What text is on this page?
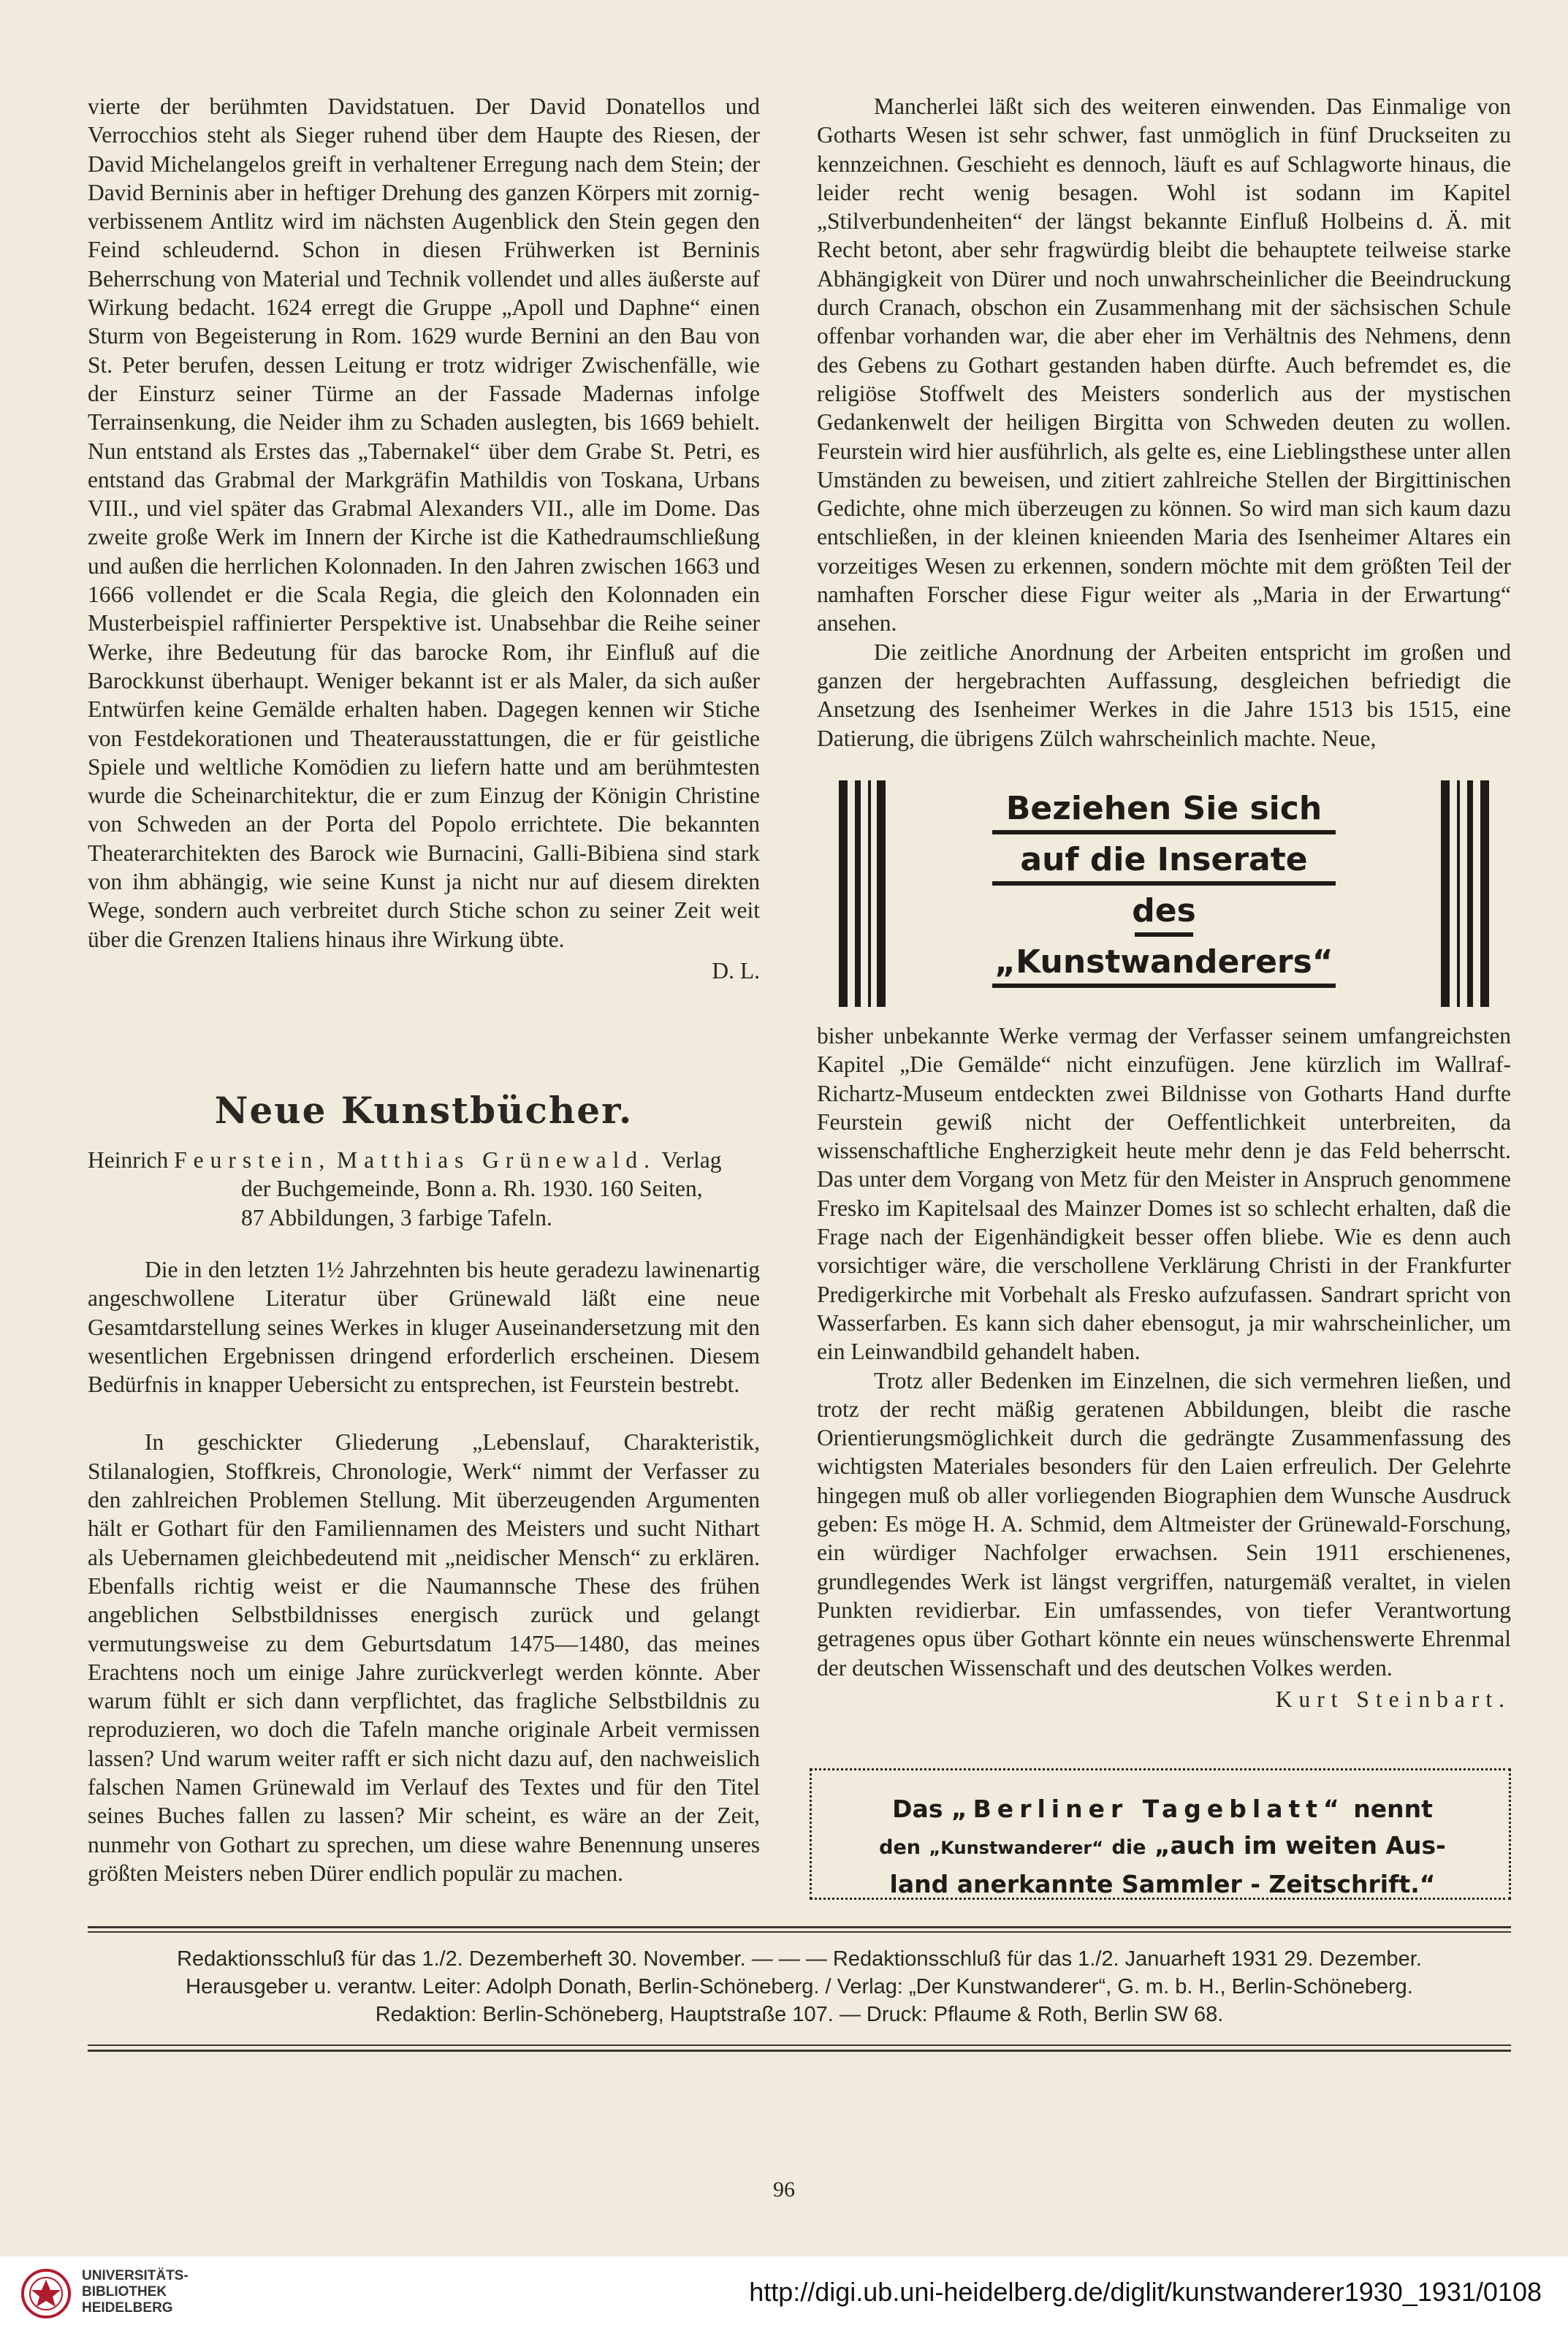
vierte der berühmten Davidstatuen. Der David Donatellos und Verrocchios steht als Sieger ruhend über dem Haupte des Riesen, der David Michelangelos greift in verhaltener Erregung nach dem Stein; der David Berninis aber in heftiger Drehung des ganzen Körpers mit zornig-verbissenem Antlitz wird im nächsten Augenblick den Stein gegen den Feind schleudernd. Schon in diesen Frühwerken ist Berninis Beherrschung von Material und Technik vollendet und alles äußerste auf Wirkung bedacht. 1624 erregt die Gruppe „Apoll und Daphne“ einen Sturm von Begeisterung in Rom. 1629 wurde Bernini an den Bau von St. Peter berufen, dessen Leitung er trotz widriger Zwischenfälle, wie der Einsturz seiner Türme an der Fassade Madernas infolge Terrainsenkung, die Neider ihm zu Schaden auslegten, bis 1669 behielt. Nun entstand als Erstes das „Tabernakel“ über dem Grabe St. Petri, es entstand das Grabmal der Markgräfin Mathildis von Toskana, Urbans VIII., und viel später das Grabmal Alexanders VII., alle im Dome. Das zweite große Werk im Innern der Kirche ist die Kathedraumschließung und außen die herrlichen Kolonnaden. In den Jahren zwischen 1663 und 1666 vollendet er die Scala Regia, die gleich den Kolonnaden ein Musterbeispiel raffinierter Perspektive ist. Unabsehbar die Reihe seiner Werke, ihre Bedeutung für das barocke Rom, ihr Einfluß auf die Barockkunst überhaupt. Weniger bekannt ist er als Maler, da sich außer Entwürfen keine Gemälde erhalten haben. Dagegen kennen wir Stiche von Festdekorationen und Theaterausstattungen, die er für geistliche Spiele und weltliche Komödien zu liefern hatte und am berühmtesten wurde die Scheinarchitektur, die er zum Einzug der Königin Christine von Schweden an der Porta del Popolo errichtete. Die bekannten Theaterarchitekten des Barock wie Burnacini, Galli-Bibiena sind stark von ihm abhängig, wie seine Kunst ja nicht nur auf diesem direkten Wege, sondern auch verbreitet durch Stiche schon zu seiner Zeit weit über die Grenzen Italiens hinaus ihre Wirkung übte.

D. L.

Neue Kunstbücher.
Heinrich Feurstein, Matthias Grünewald. Verlag
der Buchgemeinde, Bonn a. Rh. 1930. 160 Seiten,
87 Abbildungen, 3 farbige Tafeln.

Die in den letzten 1½ Jahrzehnten bis heute geradezu lawinenartig angeschwollene Literatur über Grünewald läßt eine neue Gesamtdarstellung seines Werkes in kluger Auseinandersetzung mit den wesentlichen Ergebnissen dringend erforderlich erscheinen. Diesem Bedürfnis in knapper Uebersicht zu entsprechen, ist Feurstein bestrebt.

In geschickter Gliederung „Lebenslauf, Charakteristik, Stilanalogien, Stoffkreis, Chronologie, Werk“ nimmt der Verfasser zu den zahlreichen Problemen Stellung. Mit überzeugenden Argumenten hält er Gothart für den Familiennamen des Meisters und sucht Nithart als Uebernamen gleichbedeutend mit „neidischer Mensch“ zu erklären. Ebenfalls richtig weist er die Naumannsche These des frühen angeblichen Selbstbildnisses energisch zurück und gelangt vermutungsweise zu dem Geburtsdatum 1475—1480, das meines Erachtens noch um einige Jahre zurückverlegt werden könnte. Aber warum fühlt er sich dann verpflichtet, das fragliche Selbstbildnis zu reproduzieren, wo doch die Tafeln manche originale Arbeit vermissen lassen? Und warum weiter rafft er sich nicht dazu auf, den nachweislich falschen Namen Grünewald im Verlauf des Textes und für den Titel seines Buches fallen zu lassen? Mir scheint, es wäre an der Zeit, nunmehr von Gothart zu sprechen, um diese wahre Benennung unseres größten Meisters neben Dürer endlich populär zu machen.

Mancherlei läßt sich des weiteren einwenden. Das Einmalige von Gotharts Wesen ist sehr schwer, fast unmöglich in fünf Druckseiten zu kennzeichnen. Geschieht es dennoch, läuft es auf Schlagworte hinaus, die leider recht wenig besagen. Wohl ist sodann im Kapitel „Stilverbundenheiten“ der längst bekannte Einfluß Holbeins d. Ä. mit Recht betont, aber sehr fragwürdig bleibt die behauptete teilweise starke Abhängigkeit von Dürer und noch unwahrscheinlicher die Beeindruckung durch Cranach, obschon ein Zusammenhang mit der sächsischen Schule offenbar vorhanden war, die aber eher im Verhältnis des Nehmens, denn des Gebens zu Gothart gestanden haben dürfte. Auch befremdet es, die religiöse Stoffwelt des Meisters sonderlich aus der mystischen Gedankenwelt der heiligen Birgitta von Schweden deuten zu wollen. Feurstein wird hier ausführlich, als gelte es, eine Lieblingsthese unter allen Umständen zu beweisen, und zitiert zahlreiche Stellen der Birgittinischen Gedichte, ohne mich überzeugen zu können. So wird man sich kaum dazu entschließen, in der kleinen knieenden Maria des Isenheimer Altares ein vorzeitiges Wesen zu erkennen, sondern möchte mit dem größten Teil der namhaften Forscher diese Figur weiter als „Maria in der Erwartung“ ansehen.

Die zeitliche Anordnung der Arbeiten entspricht im großen und ganzen der hergebrachten Auffassung, desgleichen befriedigt die Ansetzung des Isenheimer Werkes in die Jahre 1513 bis 1515, eine Datierung, die übrigens Zülch wahrscheinlich machte. Neue,

Beziehen Sie sich
auf die Inserate
des
„Kunstwanderers“

bisher unbekannte Werke vermag der Verfasser seinem umfangreichsten Kapitel „Die Gemälde“ nicht einzufügen. Jene kürzlich im Wallraf-Richartz-Museum entdeckten zwei Bildnisse von Gotharts Hand durfte Feurstein gewiß nicht der Oeffentlichkeit unterbreiten, da wissenschaftliche Engherzigkeit heute mehr denn je das Feld beherrscht. Das unter dem Vorgang von Metz für den Meister in Anspruch genommene Fresko im Kapitelsaal des Mainzer Domes ist so schlecht erhalten, daß die Frage nach der Eigenhändigkeit besser offen bliebe. Wie es denn auch vorsichtiger wäre, die verschollene Verklärung Christi in der Frankfurter Predigerkirche mit Vorbehalt als Fresko aufzufassen. Sandrart spricht von Wasserfarben. Es kann sich daher ebensogut, ja mir wahrscheinlicher, um ein Leinwandbild gehandelt haben.

Trotz aller Bedenken im Einzelnen, die sich vermehren ließen, und trotz der recht mäßig geratenen Abbildungen, bleibt die rasche Orientierungsmöglichkeit durch die gedrängte Zusammenfassung des wichtigsten Materiales besonders für den Laien erfreulich. Der Gelehrte hingegen muß ob aller vorliegenden Biographien dem Wunsche Ausdruck geben: Es möge H. A. Schmid, dem Altmeister der Grünewald-Forschung, ein würdiger Nachfolger erwachsen. Sein 1911 erschienenes, grundlegendes Werk ist längst vergriffen, naturgemäß veraltet, in vielen Punkten revidierbar. Ein umfassendes, von tiefer Verantwortung getragenes opus über Gothart könnte ein neues wünschenswerte Ehrenmal der deutschen Wissenschaft und des deutschen Volkes werden.

Kurt Steinbart.

Das „Berliner Tageblatt“ nennt
den „Kunstwanderer“ die „auch im weiten Aus-
land anerkannte Sammler - Zeitschrift.“
Redaktionsschluß für das 1./2. Dezemberheft 30. November. — — — Redaktionsschluß für das 1./2. Januarheft 1931 29. Dezember.
Herausgeber u. verantw. Leiter: Adolph Donath, Berlin-Schöneberg. / Verlag: „Der Kunstwanderer“, G. m. b. H., Berlin-Schöneberg.
Redaktion: Berlin-Schöneberg, Hauptstraße 107. — Druck: Pflaume & Roth, Berlin SW 68.
96
UNIVERSITÄTS-
BIBLIOTHEK
HEIDELBERG
http://digi.ub.uni-heidelberg.de/diglit/kunstwanderer1930_1931/0108
